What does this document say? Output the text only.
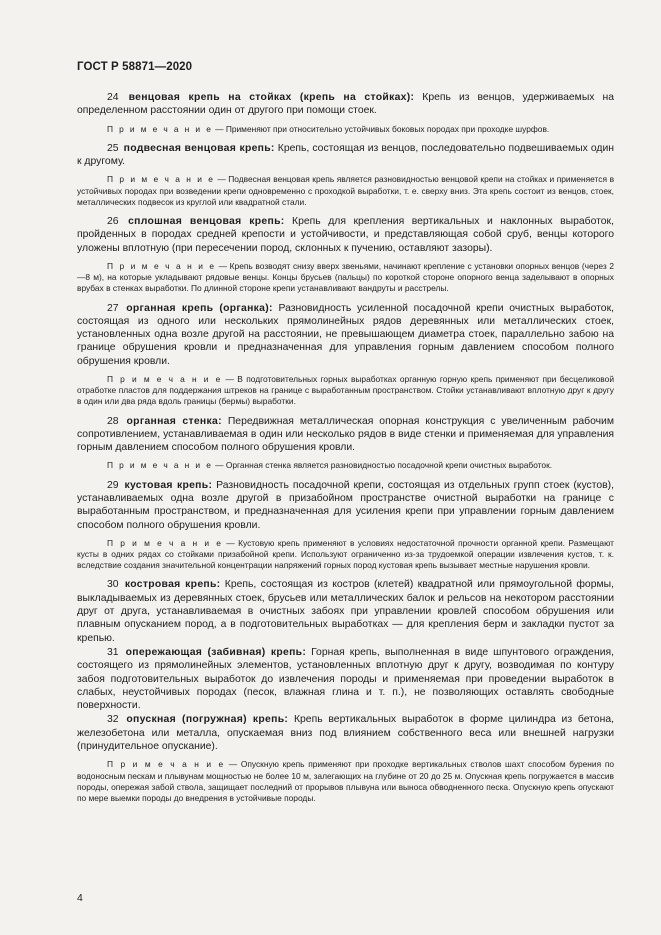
ГОСТ Р 58871—2020

24 венцовая крепь на стойках (крепь на стойках): Крепь из венцов, удерживаемых на определенном расстоянии один от другого при помощи стоек.

П р и м е ч а н и е — Применяют при относительно устойчивых боковых породах при проходке шурфов.

25 подвесная венцовая крепь: Крепь, состоящая из венцов, последовательно подвешиваемых один к другому.

П р и м е ч а н и е — Подвесная венцовая крепь является разновидностью венцовой крепи на стойках и применяется в устойчивых породах при возведении крепи одновременно с проходкой выработки, т. е. сверху вниз. Эта крепь состоит из венцов, стоек, металлических подвесок из круглой или квадратной стали.

26 сплошная венцовая крепь: Крепь для крепления вертикальных и наклонных выработок, пройденных в породах средней крепости и устойчивости, и представляющая собой сруб, венцы которого уложены вплотную (при пересечении пород, склонных к пучению, оставляют зазоры).

П р и м е ч а н и е — Крепь возводят снизу вверх звеньями, начинают крепление с установки опорных венцов (через 2—8 м), на которые укладывают рядовые венцы. Концы брусьев (пальцы) по короткой стороне опорного венца заделывают в опорных врубах в стенках выработки. По длинной стороне крепи устанавливают вандруты и расстрелы.

27 органная крепь (органка): Разновидность усиленной посадочной крепи очистных выработок, состоящая из одного или нескольких прямолинейных рядов деревянных или металлических стоек, установленных одна возле другой на расстоянии, не превышающем диаметра стоек, параллельно забою на границе обрушения кровли и предназначенная для управления горным давлением способом полного обрушения кровли.

П р и м е ч а н и е — В подготовительных горных выработках органную горную крепь применяют при бесцеликовой отработке пластов для поддержания штреков на границе с выработанным пространством. Стойки устанавливают вплотную друг к другу в один или два ряда вдоль границы (бермы) выработки.

28 органная стенка: Передвижная металлическая опорная конструкция с увеличенным рабочим сопротивлением, устанавливаемая в один или несколько рядов в виде стенки и применяемая для управления горным давлением способом полного обрушения кровли.

П р и м е ч а н и е — Органная стенка является разновидностью посадочной крепи очистных выработок.

29 кустовая крепь: Разновидность посадочной крепи, состоящая из отдельных групп стоек (кустов), устанавливаемых одна возле другой в призабойном пространстве очистной выработки на границе с выработанным пространством, и предназначенная для усиления крепи при управлении горным давлением способом полного обрушения кровли.

П р и м е ч а н и е — Кустовую крепь применяют в условиях недостаточной прочности органной крепи. Размещают кусты в одних рядах со стойками призабойной крепи. Используют ограниченно из-за трудоемкой операции извлечения кустов, т. к. вследствие создания значительной концентрации напряжений горных пород кустовая крепь вызывает местные нарушения кровли.

30 костровая крепь: Крепь, состоящая из костров (клетей) квадратной или прямоугольной формы, выкладываемых из деревянных стоек, брусьев или металлических балок и рельсов на некотором расстоянии друг от друга, устанавливаемая в очистных забоях при управлении кровлей способом обрушения или плавным опусканием пород, а в подготовительных выработках — для крепления берм и закладки пустот за крепью.

31 опережающая (забивная) крепь: Горная крепь, выполненная в виде шпунтового ограждения, состоящего из прямолинейных элементов, установленных вплотную друг к другу, возводимая по контуру забоя подготовительных выработок до извлечения породы и применяемая при проведении выработок в слабых, неустойчивых породах (песок, влажная глина и т. п.), не позволяющих оставлять свободные поверхности.

32 опускная (погружная) крепь: Крепь вертикальных выработок в форме цилиндра из бетона, железобетона или металла, опускаемая вниз под влиянием собственного веса или внешней нагрузки (принудительное опускание).

П р и м е ч а н и е — Опускную крепь применяют при проходке вертикальных стволов шахт способом бурения по водоносным пескам и плывунам мощностью не более 10 м, залегающих на глубине от 20 до 25 м. Опускная крепь погружается в массив породы, опережая забой ствола, защищает последний от прорывов плывуна или выноса обводненного песка. Опускную крепь опускают по мере выемки породы до внедрения в устойчивые породы.

4
